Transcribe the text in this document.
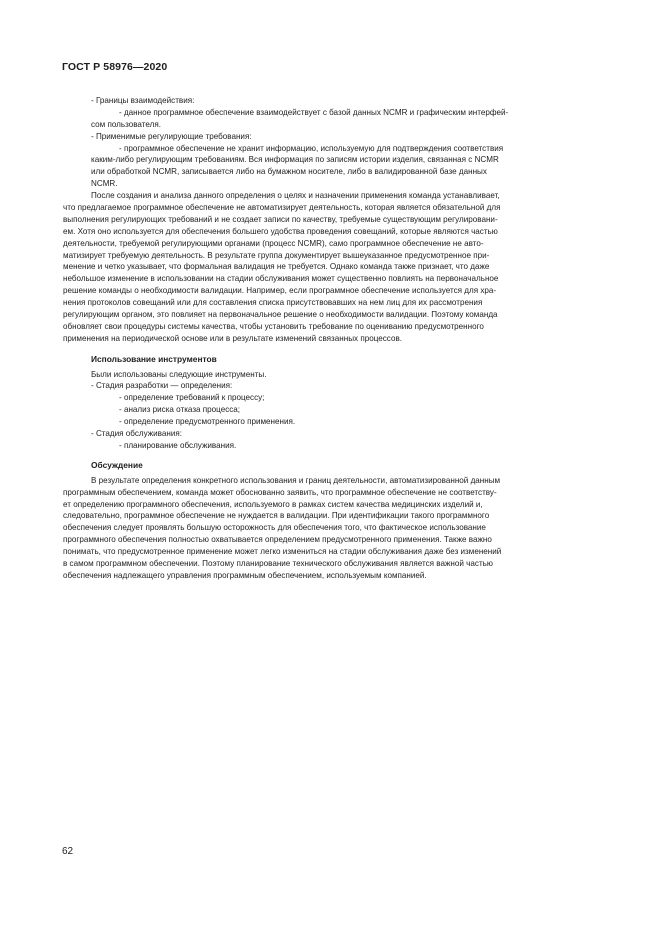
ГОСТ Р 58976—2020
- Границы взаимодействия:
- данное программное обеспечение взаимодействует с базой данных NCMR и графическим интерфей-
сом пользователя.
- Применимые регулирующие требования:
- программное обеспечение не хранит информацию, используемую для подтверждения соответствия
каким-либо регулирующим требованиям. Вся информация по записям истории изделия, связанная с NCMR
или обработкой NCMR, записывается либо на бумажном носителе, либо в валидированной базе данных
NCMR.
После создания и анализа данного определения о целях и назначении применения команда устанавливает,
что предлагаемое программное обеспечение не автоматизирует деятельность, которая является обязательной для
выполнения регулирующих требований и не создает записи по качеству, требуемые существующим регулировани-
ем. Хотя оно используется для обеспечения большего удобства проведения совещаний, которые являются частью
деятельности, требуемой регулирующими органами (процесс NCMR), само программное обеспечение не авто-
матизирует требуемую деятельность. В результате группа документирует вышеуказанное предусмотренное при-
менение и четко указывает, что формальная валидация не требуется. Однако команда также признает, что даже
небольшое изменение в использовании на стадии обслуживания может существенно повлиять на первоначальное
решение команды о необходимости валидации. Например, если программное обеспечение используется для хра-
нения протоколов совещаний или для составления списка присутствовавших на нем лиц для их рассмотрения
регулирующим органом, это повлияет на первоначальное решение о необходимости валидации. Поэтому команда
обновляет свои процедуры системы качества, чтобы установить требование по оцениванию предусмотренного
применения на периодической основе или в результате изменений связанных процессов.
Использование инструментов
Были использованы следующие инструменты.
- Стадия разработки — определения:
- определение требований к процессу;
- анализ риска отказа процесса;
- определение предусмотренного применения.
- Стадия обслуживания:
- планирование обслуживания.
Обсуждение
В результате определения конкретного использования и границ деятельности, автоматизированной данным
программным обеспечением, команда может обоснованно заявить, что программное обеспечение не соответству-
ет определению программного обеспечения, используемого в рамках систем качества медицинских изделий и,
следовательно, программное обеспечение не нуждается в валидации. При идентификации такого программного
обеспечения следует проявлять большую осторожность для обеспечения того, что фактическое использование
программного обеспечения полностью охватывается определением предусмотренного применения. Также важно
понимать, что предусмотренное применение может легко измениться на стадии обслуживания даже без изменений
в самом программном обеспечении. Поэтому планирование технического обслуживания является важной частью
обеспечения надлежащего управления программным обеспечением, используемым компанией.
62
